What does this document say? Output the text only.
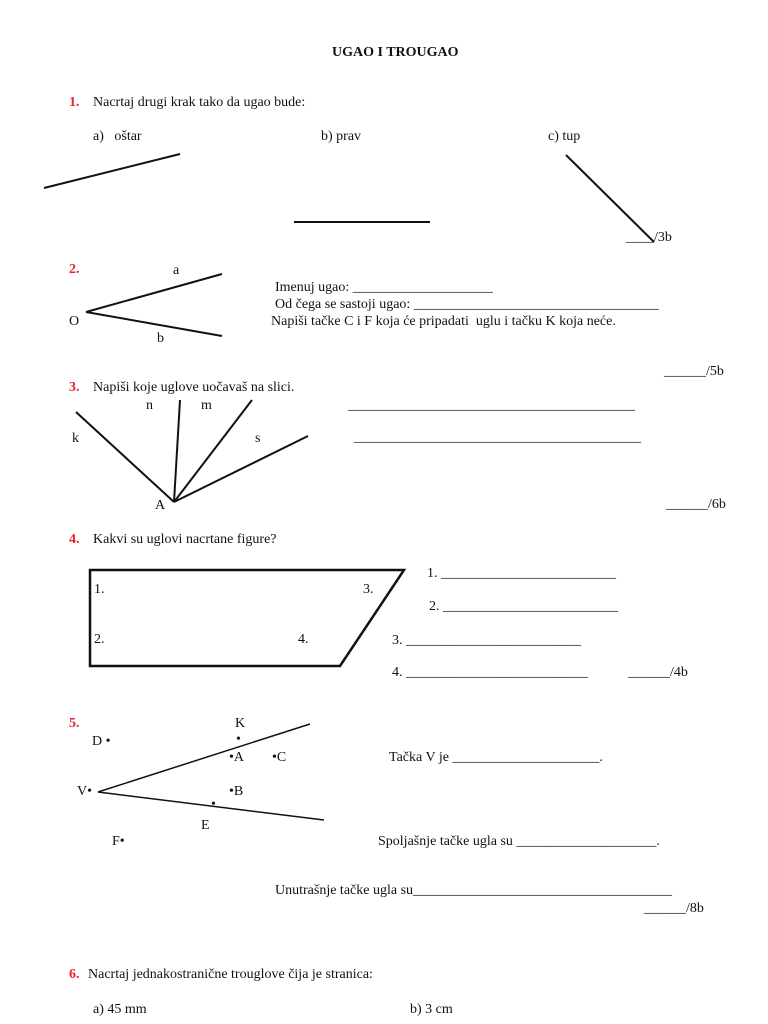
UGAO I TROUGAO
1. Nacrtaj drugi krak tako da ugao bude:
a)   oštar	b) prav	c) tup
____/3b
2.	a
O
b
Imenuj ugao: ____________________
Od čega se sastoji ugao: ___________________________________
Napiši tačke C i F koja će pripadati  uglu i tačku K koja neće.
______/5b
3. Napiši koje uglove uočavaš na slici.
n	m
k	s
A
_________________________________________
_________________________________________
______/6b
4. Kakvi su uglovi nacrtane figure?
1.	3.
2.	4.
1. _________________________
2. _________________________
3. _________________________
4. __________________________	______/4b
5.	K
•
D •
•A •C
V•	•B
•
E
F•
Tačka V je _____________________.
Spoljašnje tačke ugla su ____________________.
Unutrašnje tačke ugla su_____________________________________
______/8b
6. Nacrtaj jednakostranične trouglove čija je stranica:
a) 45 mm	b) 3 cm
